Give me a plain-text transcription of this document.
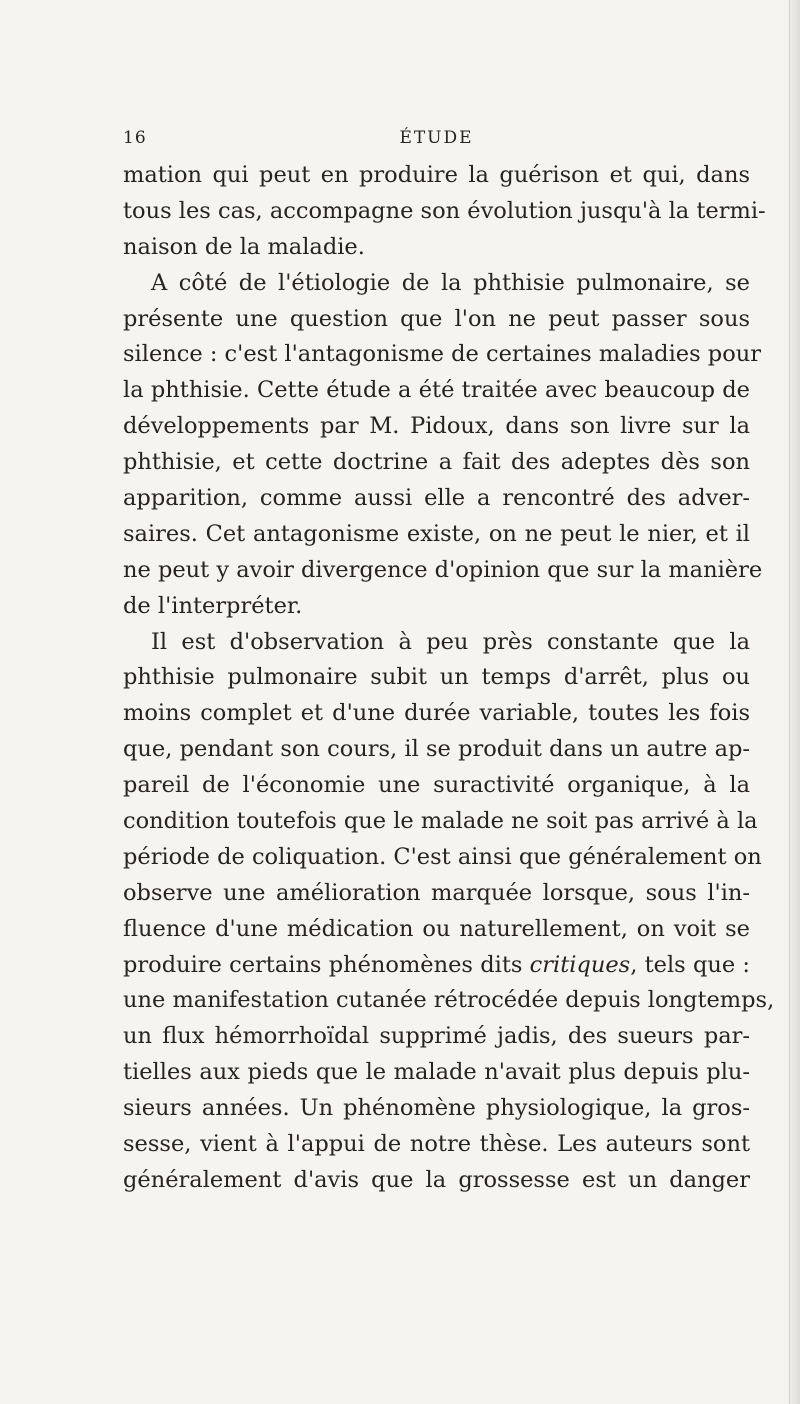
16	ÉTUDE
mation qui peut en produire la guérison et qui, dans
tous les cas, accompagne son évolution jusqu'à la termi-
naison de la maladie.
A côté de l'étiologie de la phthisie pulmonaire, se
présente une question que l'on ne peut passer sous
silence : c'est l'antagonisme de certaines maladies pour
la phthisie. Cette étude a été traitée avec beaucoup de
développements par M. Pidoux, dans son livre sur la
phthisie, et cette doctrine a fait des adeptes dès son
apparition, comme aussi elle a rencontré des adver-
saires. Cet antagonisme existe, on ne peut le nier, et il
ne peut y avoir divergence d'opinion que sur la manière
de l'interpréter.
Il est d'observation à peu près constante que la
phthisie pulmonaire subit un temps d'arrêt, plus ou
moins complet et d'une durée variable, toutes les fois
que, pendant son cours, il se produit dans un autre ap-
pareil de l'économie une suractivité organique, à la
condition toutefois que le malade ne soit pas arrivé à la
période de coliquation. C'est ainsi que généralement on
observe une amélioration marquée lorsque, sous l'in-
fluence d'une médication ou naturellement, on voit se
produire certains phénomènes dits critiques, tels que :
une manifestation cutanée rétrocédée depuis longtemps,
un flux hémorrhoïdal supprimé jadis, des sueurs par-
tielles aux pieds que le malade n'avait plus depuis plu-
sieurs années. Un phénomène physiologique, la gros-
sesse, vient à l'appui de notre thèse. Les auteurs sont
généralement d'avis que la grossesse est un danger
